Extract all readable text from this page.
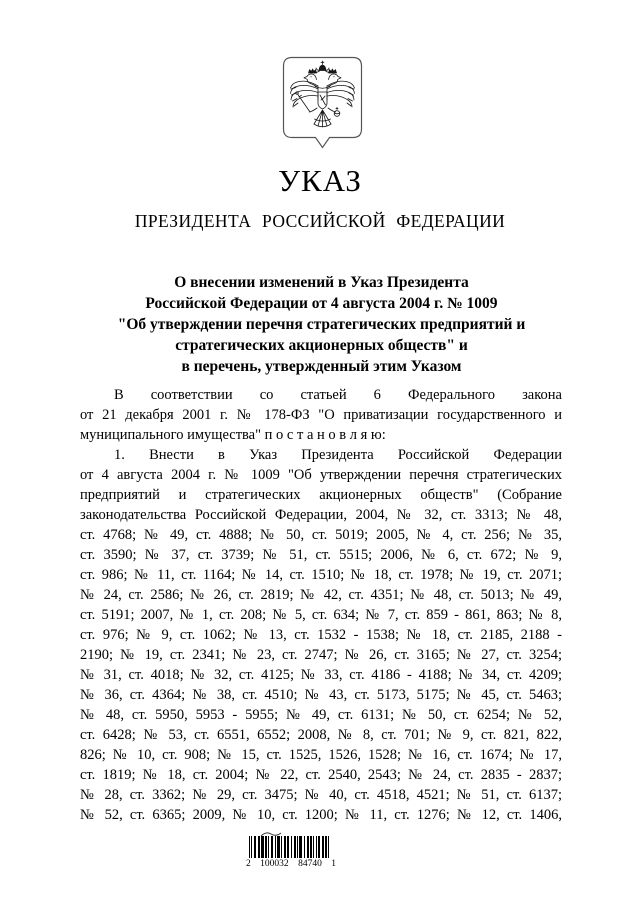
УКАЗ
ПРЕЗИДЕНТА РОССИЙСКОЙ ФЕДЕРАЦИИ
О внесении изменений в Указ Президента
Российской Федерации от 4 августа 2004 г. № 1009
"Об утверждении перечня стратегических предприятий и
стратегических акционерных обществ" и
в перечень, утвержденный этим Указом
В соответствии со статьей 6 Федерального закона
от 21 декабря 2001 г. № 178-ФЗ "О приватизации государственного и
муниципального имущества" п о с т а н о в л я ю:
1. Внести в Указ Президента Российской Федерации
от 4 августа 2004 г. № 1009 "Об утверждении перечня стратегических
предприятий и стратегических акционерных обществ" (Собрание
законодательства Российской Федерации, 2004, № 32, ст. 3313; № 48,
ст. 4768; № 49, ст. 4888; № 50, ст. 5019; 2005, № 4, ст. 256; № 35,
ст. 3590; № 37, ст. 3739; № 51, ст. 5515; 2006, № 6, ст. 672; № 9,
ст. 986; № 11, ст. 1164; № 14, ст. 1510; № 18, ст. 1978; № 19, ст. 2071;
№ 24, ст. 2586; № 26, ст. 2819; № 42, ст. 4351; № 48, ст. 5013; № 49,
ст. 5191; 2007, № 1, ст. 208; № 5, ст. 634; № 7, ст. 859 - 861, 863; № 8,
ст. 976; № 9, ст. 1062; № 13, ст. 1532 - 1538; № 18, ст. 2185, 2188 -
2190; № 19, ст. 2341; № 23, ст. 2747; № 26, ст. 3165; № 27, ст. 3254;
№ 31, ст. 4018; № 32, ст. 4125; № 33, ст. 4186 - 4188; № 34, ст. 4209;
№ 36, ст. 4364; № 38, ст. 4510; № 43, ст. 5173, 5175; № 45, ст. 5463;
№ 48, ст. 5950, 5953 - 5955; № 49, ст. 6131; № 50, ст. 6254; № 52,
ст. 6428; № 53, ст. 6551, 6552; 2008, № 8, ст. 701; № 9, ст. 821, 822,
826; № 10, ст. 908; № 15, ст. 1525, 1526, 1528; № 16, ст. 1674; № 17,
ст. 1819; № 18, ст. 2004; № 22, ст. 2540, 2543; № 24, ст. 2835 - 2837;
№ 28, ст. 3362; № 29, ст. 3475; № 40, ст. 4518, 4521; № 51, ст. 6137;
№ 52, ст. 6365; 2009, № 10, ст. 1200; № 11, ст. 1276; № 12, ст. 1406,
2 100032 84740 1
